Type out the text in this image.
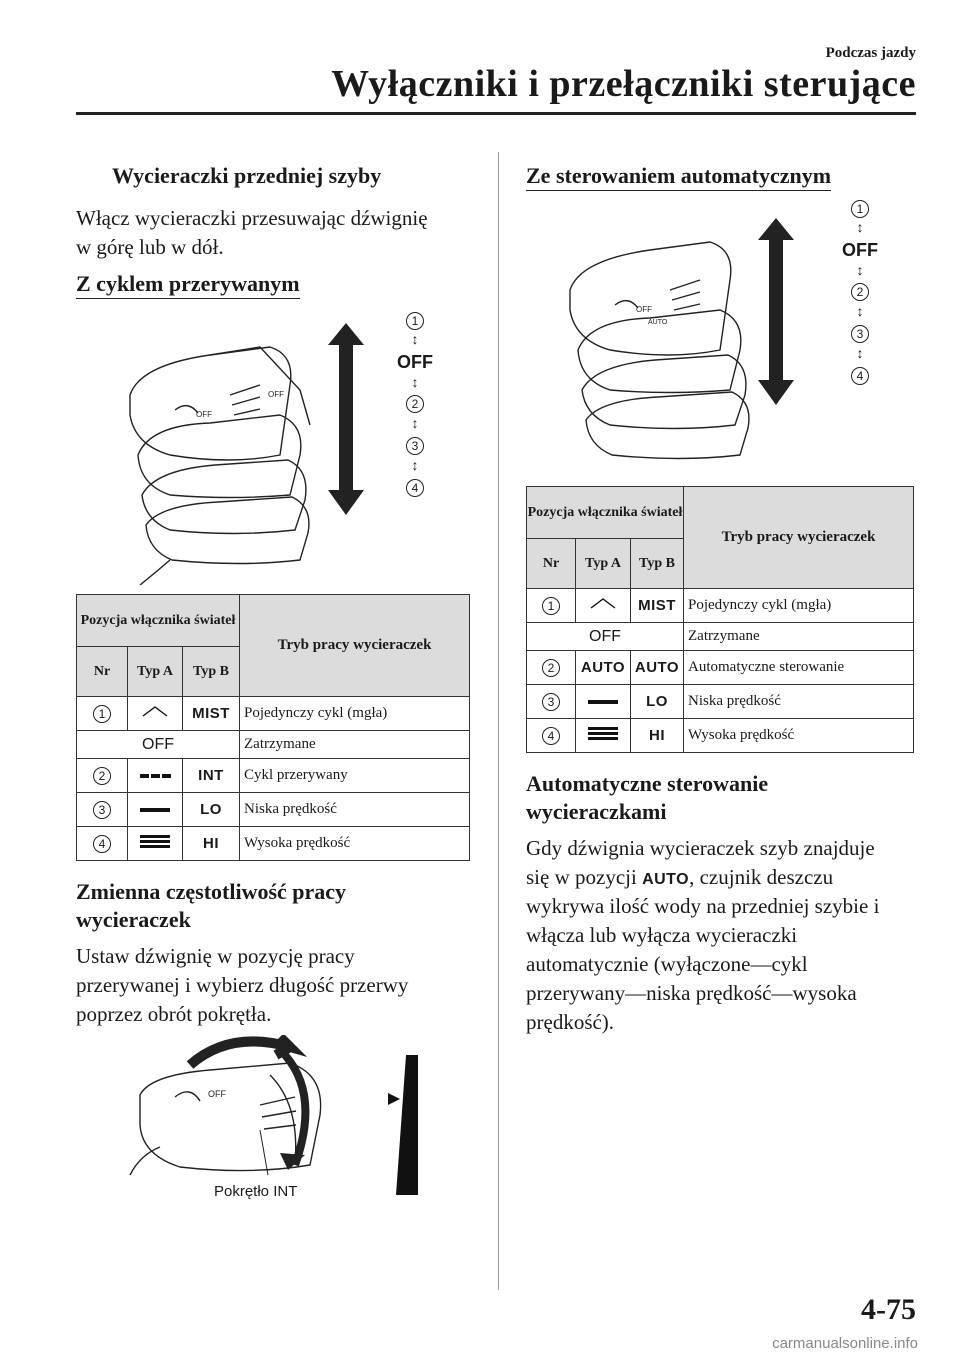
Podczas jazdy
Wyłączniki i przełączniki sterujące
Wycieraczki przedniej szyby
Włącz wycieraczki przesuwając dźwignię
w górę lub w dół.
Z cyklem przerywanym
OFF
OFF
1
↕
OFF
↕
2
↕
3
↕
4
Pozycja włącznika świateł			Tryb pracy wycieraczek
Nr	Typ A	Typ B	
1		MIST	Pojedynczy cykl (mgła)
OFF			Zatrzymane
2		INT	Cykl przerywany
3		LO	Niska prędkość
4		HI	Wysoka prędkość
Zmienna częstotliwość pracy
wycieraczek
Ustaw dźwignię w pozycję pracy
przerywanej i wybierz długość przerwy
poprzez obrót pokrętła.
OFF
Pokrętło INT
Ze sterowaniem automatycznym
OFF
AUTO
1
↕
OFF
↕
2
↕
3
↕
4
Pozycja włącznika świateł			Tryb pracy wycieraczek
Nr	Typ A	Typ B	
1		MIST	Pojedynczy cykl (mgła)
OFF			Zatrzymane
2	AUTO	AUTO	Automatyczne sterowanie
3		LO	Niska prędkość
4		HI	Wysoka prędkość
Automatyczne sterowanie
wycieraczkami
Gdy dźwignia wycieraczek szyb znajduje
się w pozycji AUTO, czujnik deszczu
wykrywa ilość wody na przedniej szybie i
włącza lub wyłącza wycieraczki
automatycznie (wyłączone―cykl
przerywany―niska prędkość―wysoka
prędkość).
4-75
carmanualsonline.info
